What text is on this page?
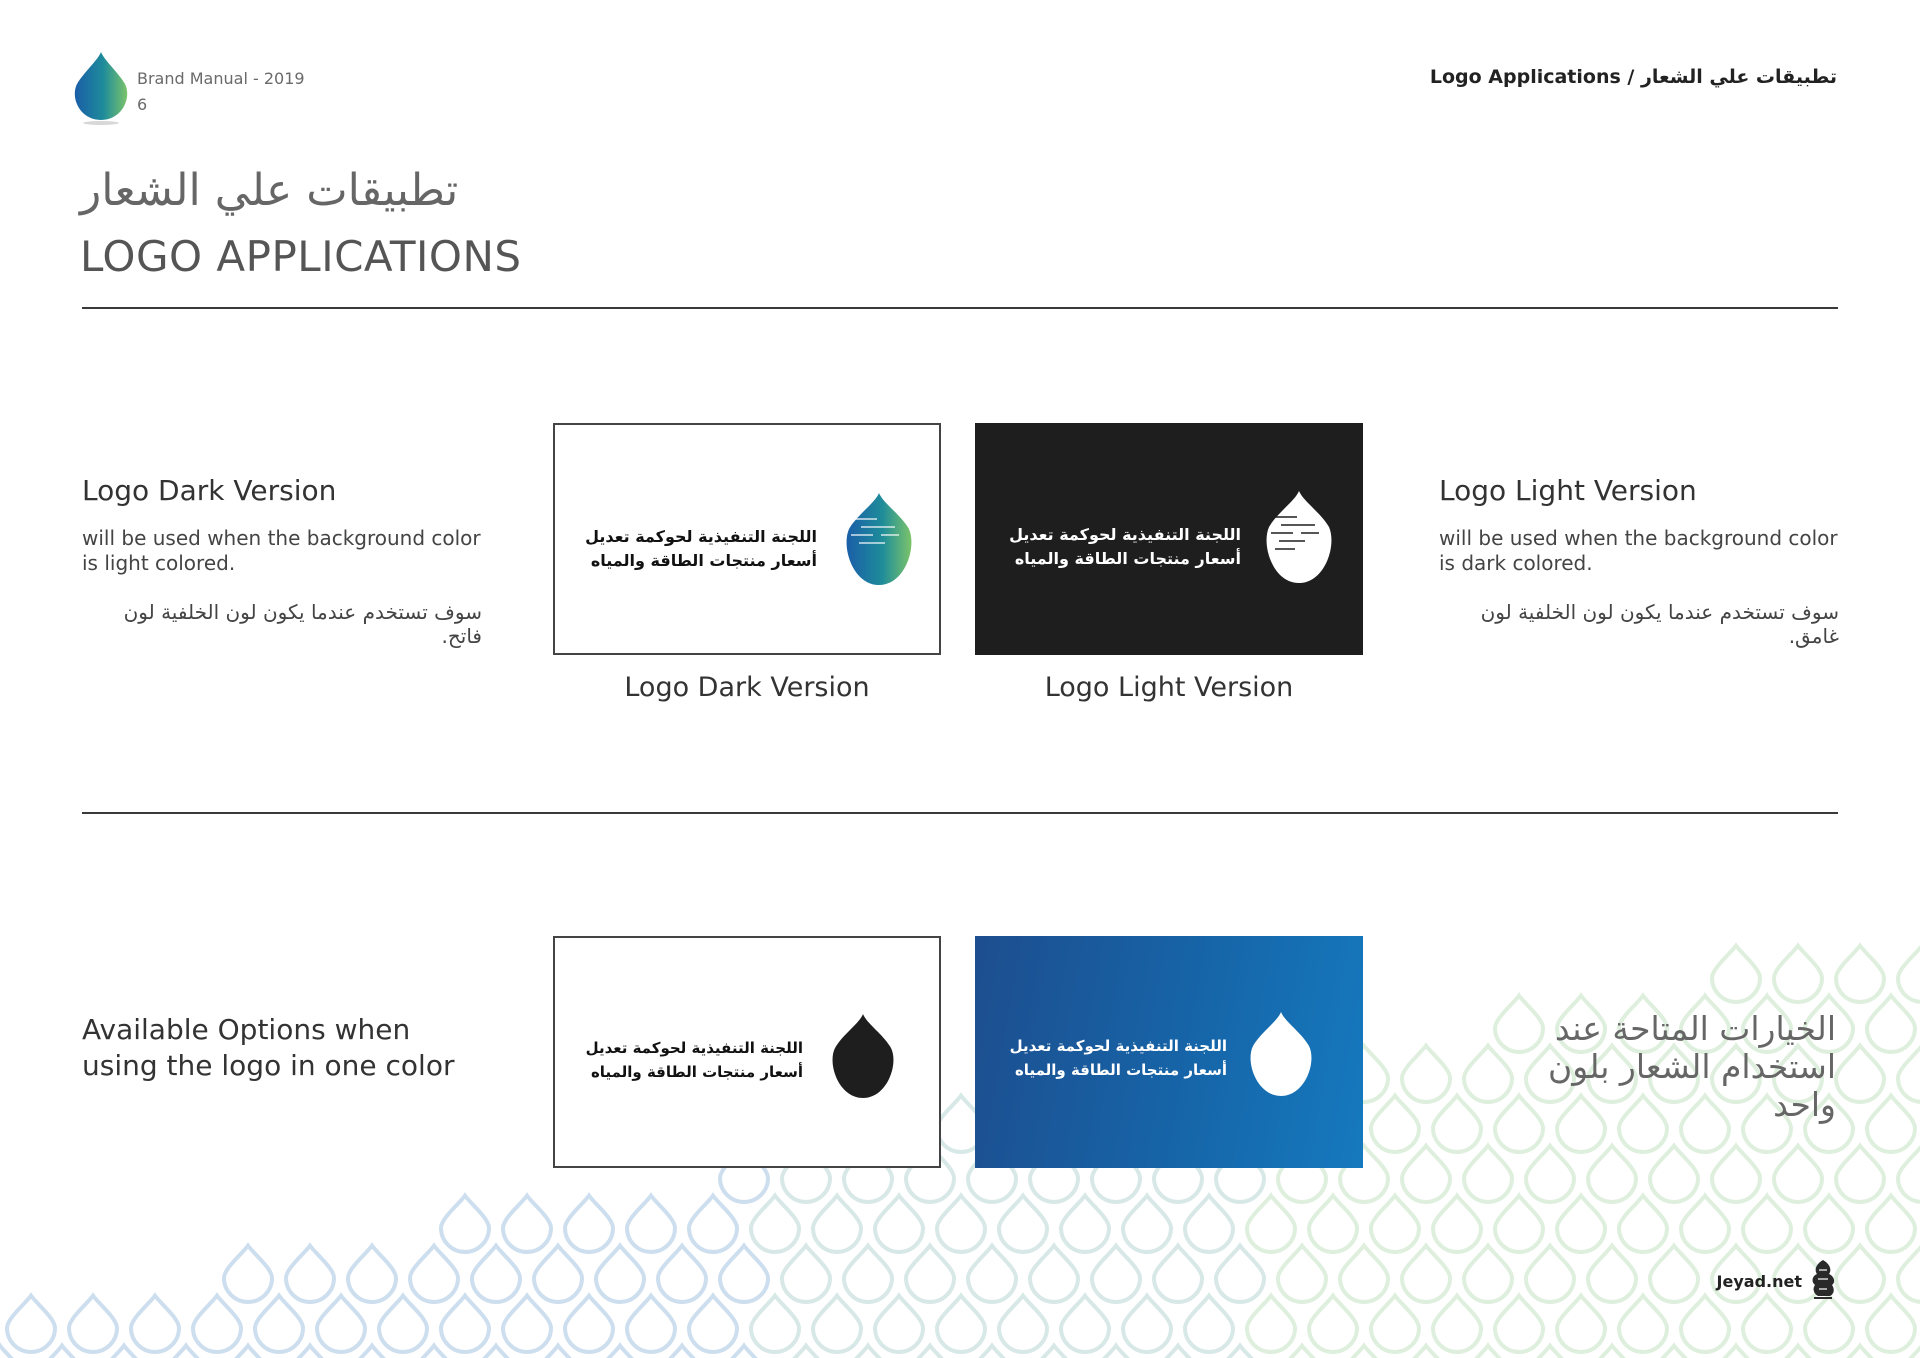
Brand Manual - 2019
6
Logo Applications / تطبيقات علي الشعار
تطبيقات علي الشعار
LOGO APPLICATIONS
Logo Dark Version
will be used when the background color is light colored.
سوف تستخدم عندما يكون لون الخلفية لون فاتح.
اللجنة التنفيذية لحوكمة تعديل
أسعار منتجات الطاقة والمياه
اللجنة التنفيذية لحوكمة تعديل
أسعار منتجات الطاقة والمياه
Logo Dark Version	Logo Light Version
Logo Light Version
will be used when the background color is dark colored.
سوف تستخدم عندما يكون لون الخلفية لون غامق.
Available Options when using the logo in one color
اللجنة التنفيذية لحوكمة تعديل
أسعار منتجات الطاقة والمياه
اللجنة التنفيذية لحوكمة تعديل
أسعار منتجات الطاقة والمياه
الخيارات المتاحة عند استخدام الشعار بلون واحد
Jeyad.net
